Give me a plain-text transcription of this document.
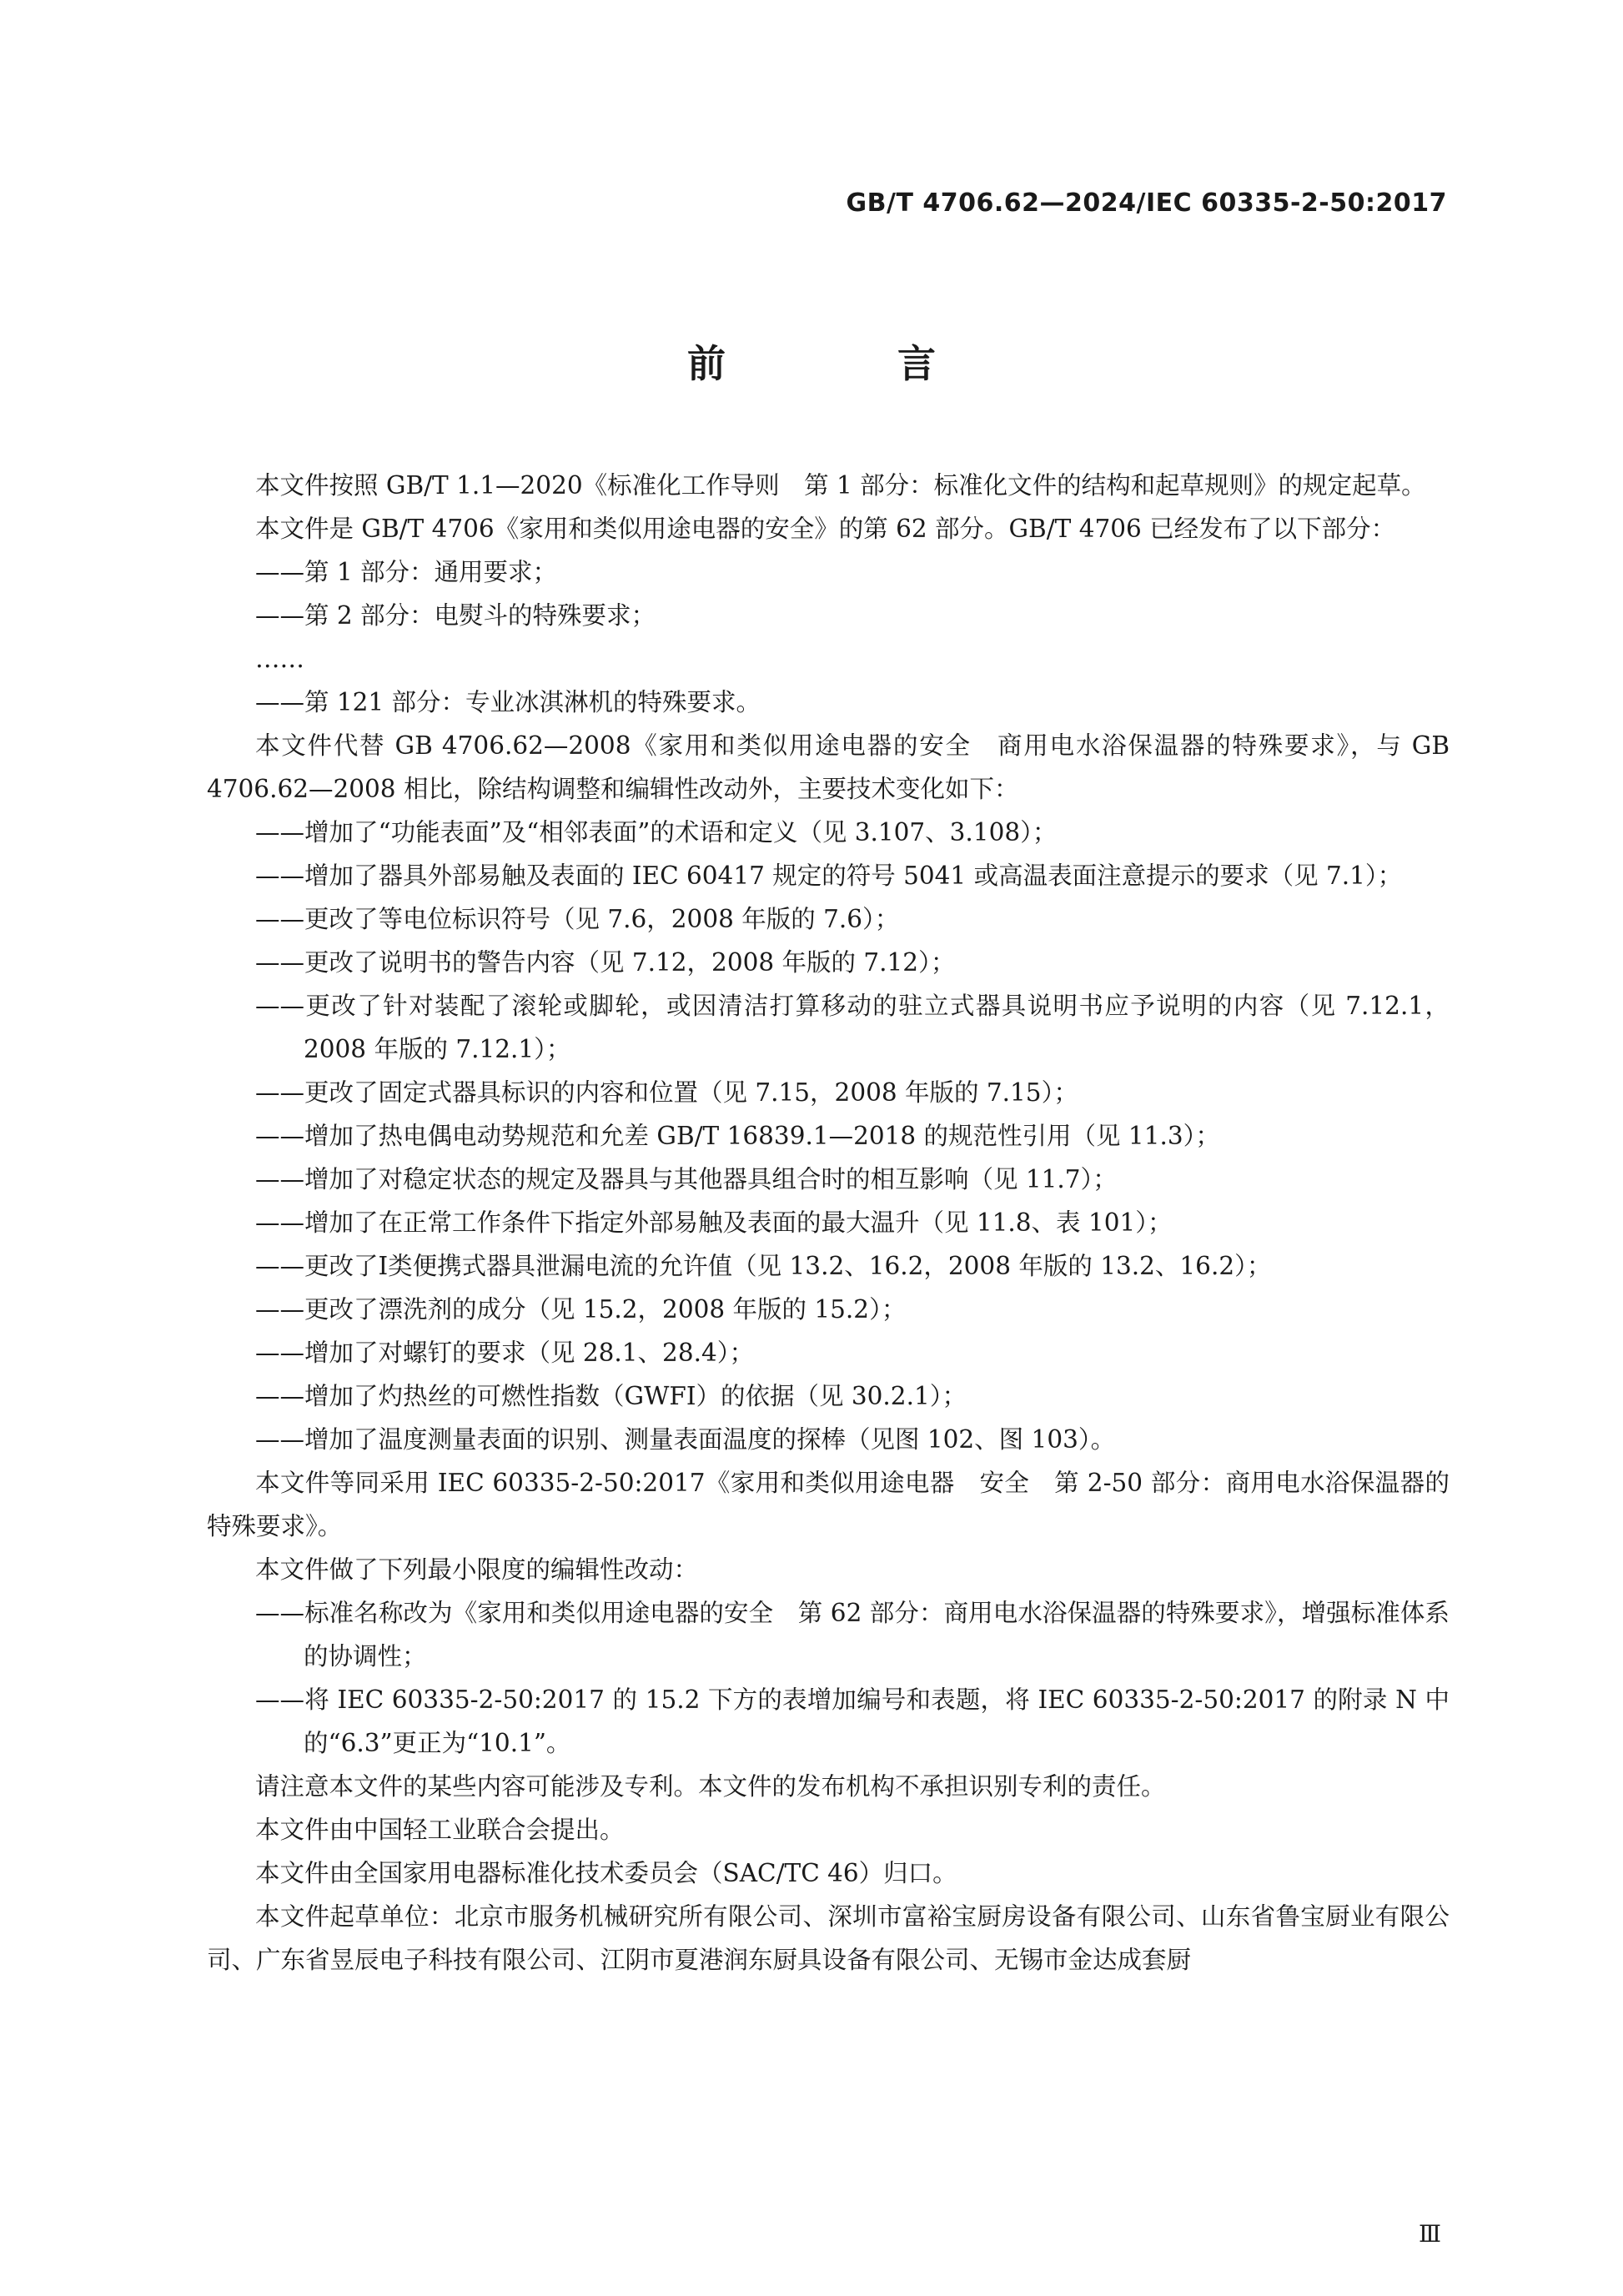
GB/T 4706.62—2024/IEC 60335-2-50:2017
前　言

本文件按照 GB/T 1.1—2020《标准化工作导则　第 1 部分：标准化文件的结构和起草规则》的规定起草。

本文件是 GB/T 4706《家用和类似用途电器的安全》的第 62 部分。GB/T 4706 已经发布了以下部分：

——第 1 部分：通用要求；

——第 2 部分：电熨斗的特殊要求；

……

——第 121 部分：专业冰淇淋机的特殊要求。

本文件代替 GB 4706.62—2008《家用和类似用途电器的安全　商用电水浴保温器的特殊要求》，与 GB 4706.62—2008 相比，除结构调整和编辑性改动外，主要技术变化如下：

——增加了“功能表面”及“相邻表面”的术语和定义（见 3.107、3.108）；

——增加了器具外部易触及表面的 IEC 60417 规定的符号 5041 或高温表面注意提示的要求（见 7.1）；

——更改了等电位标识符号（见 7.6，2008 年版的 7.6）；

——更改了说明书的警告内容（见 7.12，2008 年版的 7.12）；

——更改了针对装配了滚轮或脚轮，或因清洁打算移动的驻立式器具说明书应予说明的内容（见 7.12.1，2008 年版的 7.12.1）；

——更改了固定式器具标识的内容和位置（见 7.15，2008 年版的 7.15）；

——增加了热电偶电动势规范和允差 GB/T 16839.1—2018 的规范性引用（见 11.3）；

——增加了对稳定状态的规定及器具与其他器具组合时的相互影响（见 11.7）；

——增加了在正常工作条件下指定外部易触及表面的最大温升（见 11.8、表 101）；

——更改了Ⅰ类便携式器具泄漏电流的允许值（见 13.2、16.2，2008 年版的 13.2、16.2）；

——更改了漂洗剂的成分（见 15.2，2008 年版的 15.2）；

——增加了对螺钉的要求（见 28.1、28.4）；

——增加了灼热丝的可燃性指数（GWFI）的依据（见 30.2.1）；

——增加了温度测量表面的识别、测量表面温度的探棒（见图 102、图 103）。

本文件等同采用 IEC 60335-2-50:2017《家用和类似用途电器　安全　第 2-50 部分：商用电水浴保温器的特殊要求》。

本文件做了下列最小限度的编辑性改动：

——标准名称改为《家用和类似用途电器的安全　第 62 部分：商用电水浴保温器的特殊要求》，增强标准体系的协调性；

——将 IEC 60335-2-50:2017 的 15.2 下方的表增加编号和表题，将 IEC 60335-2-50:2017 的附录 N 中的“6.3”更正为“10.1”。

请注意本文件的某些内容可能涉及专利。本文件的发布机构不承担识别专利的责任。

本文件由中国轻工业联合会提出。

本文件由全国家用电器标准化技术委员会（SAC/TC 46）归口。

本文件起草单位：北京市服务机械研究所有限公司、深圳市富裕宝厨房设备有限公司、山东省鲁宝厨业有限公司、广东省昱辰电子科技有限公司、江阴市夏港润东厨具设备有限公司、无锡市金达成套厨

Ⅲ
